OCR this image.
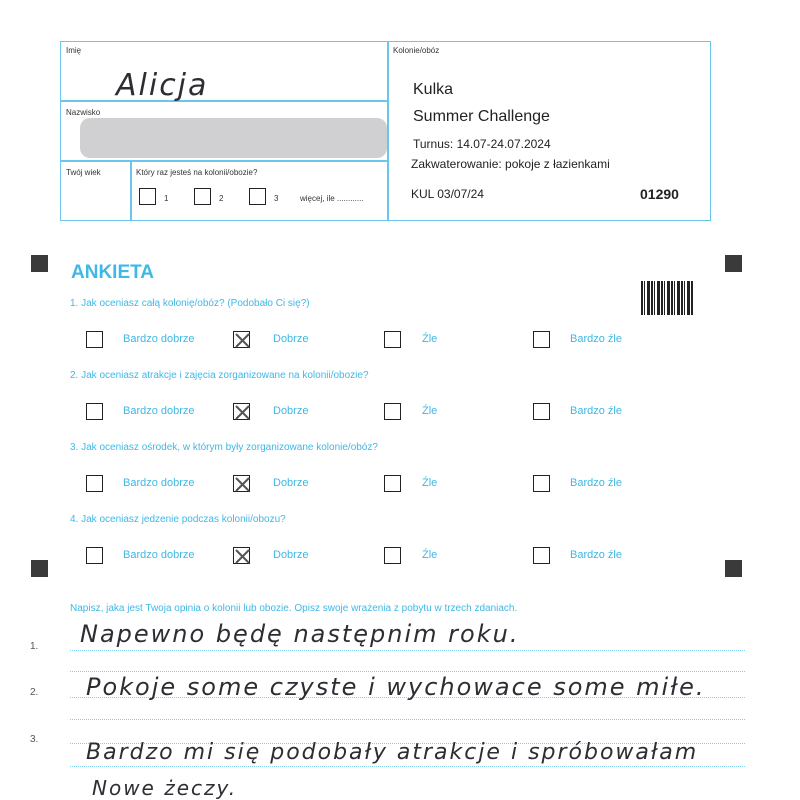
Imię
Alicja
Nazwisko
Twój wiek	Który raz jesteś na kolonii/obozie?
1	2	3	więcej, ile ............
Kolonie/obóz
Kulka
Summer Challenge
Turnus: 14.07-24.07.2024
Zakwaterowanie: pokoje z łazienkami
KUL 03/07/24	01290
ANKIETA
1. Jak oceniasz całą kolonię/obóz? (Podobało Ci się?)
Bardzo dobrze	Dobrze	Źle	Bardzo źle
2. Jak oceniasz atrakcje i zajęcia zorganizowane na kolonii/obozie?
Bardzo dobrze	Dobrze	Źle	Bardzo źle
3. Jak oceniasz ośrodek, w którym były zorganizowane kolonie/obóz?
Bardzo dobrze	Dobrze	Źle	Bardzo źle
4. Jak oceniasz jedzenie podczas kolonii/obozu?
Bardzo dobrze	Dobrze	Źle	Bardzo źle
Napisz, jaka jest Twoja opinia o kolonii lub obozie. Opisz swoje wrażenia z pobytu w trzech zdaniach.
1.
2.
3.
Napewno będę następnim roku.
Pokoje some czyste i wychowace some miłe.
Bardzo mi się podobały atrakcje i spróbowałam
Nowe żeczy.
